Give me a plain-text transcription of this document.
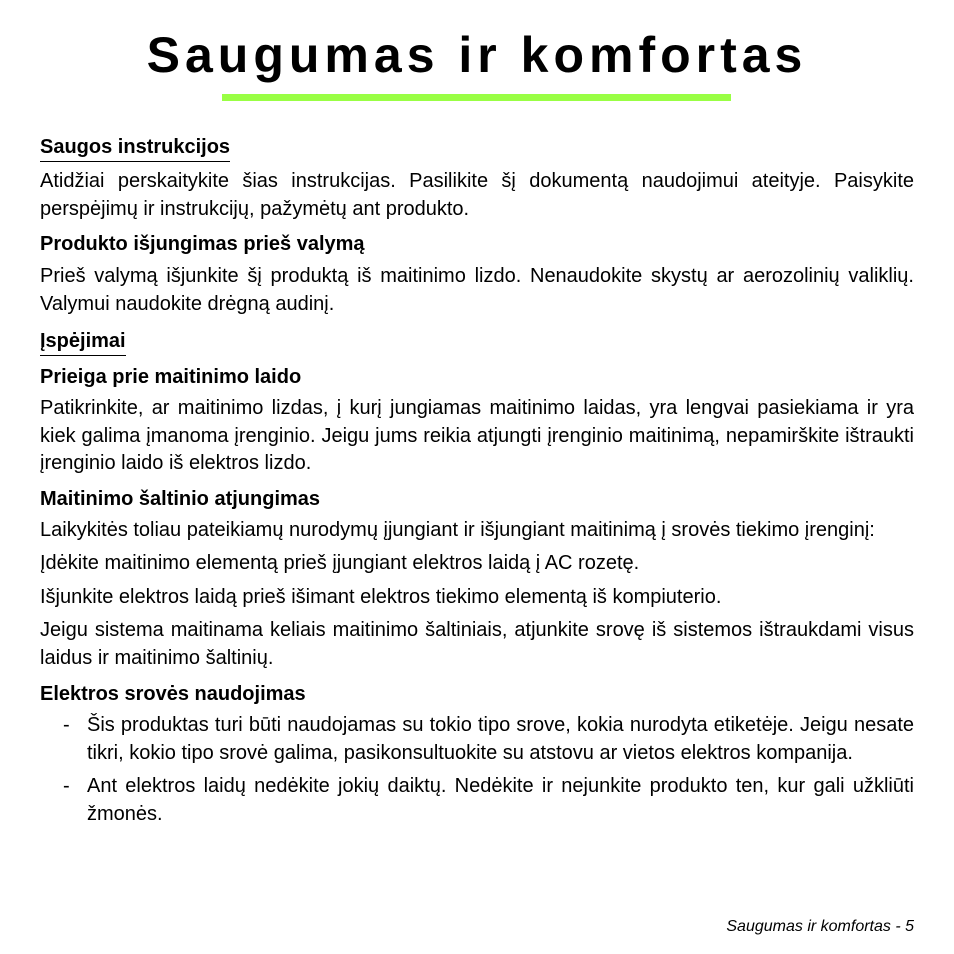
Saugumas ir komfortas
Saugos instrukcijos

Atidžiai perskaitykite šias instrukcijas. Pasilikite šį dokumentą naudojimui ateityje. Paisykite perspėjimų ir instrukcijų, pažymėtų ant produkto.

Produkto išjungimas prieš valymą

Prieš valymą išjunkite šį produktą iš maitinimo lizdo. Nenaudokite skystų ar aerozolinių valiklių. Valymui naudokite drėgną audinį.

Įspėjimai
Prieiga prie maitinimo laido

Patikrinkite, ar maitinimo lizdas, į kurį jungiamas maitinimo laidas, yra lengvai pasiekiama ir yra kiek galima įmanoma įrenginio. Jeigu jums reikia atjungti įrenginio maitinimą, nepamirškite ištraukti įrenginio laido iš elektros lizdo.

Maitinimo šaltinio atjungimas

Laikykitės toliau pateikiamų nurodymų įjungiant ir išjungiant maitinimą į srovės tiekimo įrenginį:

Įdėkite maitinimo elementą prieš įjungiant elektros laidą į AC rozetę.

Išjunkite elektros laidą prieš išimant elektros tiekimo elementą iš kompiuterio.

Jeigu sistema maitinama keliais maitinimo šaltiniais, atjunkite srovę iš sistemos ištraukdami visus laidus ir maitinimo šaltinių.

Elektros srovės naudojimas
- Šis produktas turi būti naudojamas su tokio tipo srove, kokia nurodyta etiketėje. Jeigu nesate tikri, kokio tipo srovė galima, pasikonsultuokite su atstovu ar vietos elektros kompanija.
- Ant elektros laidų nedėkite jokių daiktų. Nedėkite ir nejunkite produkto ten, kur gali užkliūti žmonės.
Saugumas ir komfortas - 5
